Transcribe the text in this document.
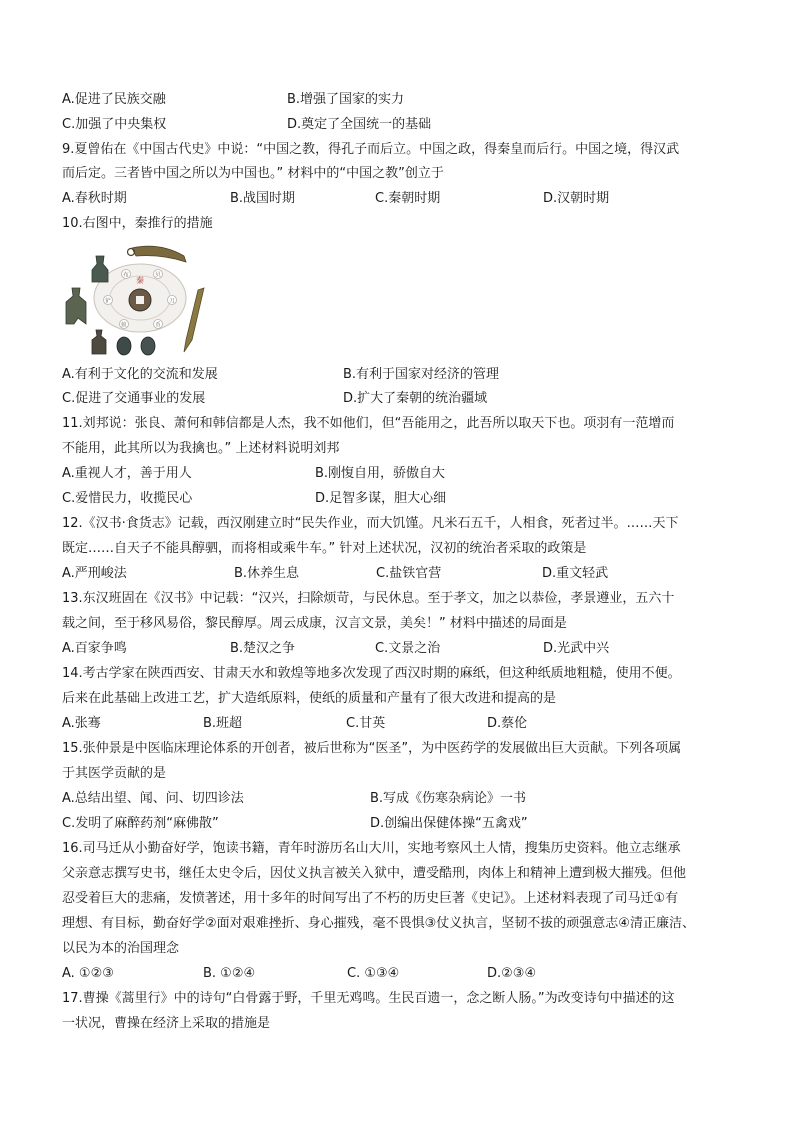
A.促进了民族交融	B.增强了国家的实力
C.加强了中央集权	D.奠定了全国统一的基础
9.夏曾佑在《中国古代史》中说：“中国之教，得孔子而后立。中国之政，得秦皇而后行。中国之境，得汉武
而后定。三者皆中国之所以为中国也。” 材料中的“中国之教”创立于
A.春秋时期	B.战国时期	C.秦朝时期	D.汉朝时期
10.右图中，秦推行的措施
秦
布	贝
刀
币
蚁
铲
A.有利于文化的交流和发展	B.有利于国家对经济的管理
C.促进了交通事业的发展	D.扩大了秦朝的统治疆域
11.刘邦说：张良、萧何和韩信都是人杰，我不如他们，但“吾能用之，此吾所以取天下也。项羽有一范增而
不能用，此其所以为我擒也。” 上述材料说明刘邦
A.重视人才，善于用人	B.刚愎自用，骄傲自大
C.爱惜民力，收揽民心	D.足智多谋，胆大心细
12.《汉书·食货志》记载，西汉刚建立时“民失作业，而大饥馑。凡米石五千，人相食，死者过半。……天下
既定……自天子不能具醇驷，而将相或乘牛车。” 针对上述状况，汉初的统治者采取的政策是
A.严刑峻法	B.休养生息	C.盐铁官营	D.重文轻武
13.东汉班固在《汉书》中记载：“汉兴，扫除烦苛，与民休息。至于孝文，加之以恭俭，孝景遵业，五六十
载之间，至于移风易俗，黎民醇厚。周云成康，汉言文景，美矣！” 材料中描述的局面是
A.百家争鸣	B.楚汉之争	C.文景之治	D.光武中兴
14.考古学家在陕西西安、甘肃天水和敦煌等地多次发现了西汉时期的麻纸，但这种纸质地粗糙，使用不便。
后来在此基础上改进工艺，扩大造纸原料，使纸的质量和产量有了很大改进和提高的是
A.张骞	B.班超	C.甘英	D.蔡伦
15.张仲景是中医临床理论体系的开创者，被后世称为“医圣”，为中医药学的发展做出巨大贡献。下列各项属
于其医学贡献的是
A.总结出望、闻、问、切四诊法	B.写成《伤寒杂病论》一书
C.发明了麻醉药剂“麻佛散”	D.创编出保健体操“五禽戏”
16.司马迁从小勤奋好学，饱读书籍，青年时游历名山大川，实地考察风土人情，搜集历史资料。他立志继承
父亲意志撰写史书，继任太史令后，因仗义执言被关入狱中，遭受酷刑，肉体上和精神上遭到极大摧残。但他
忍受着巨大的悲痛，发愤著述，用十多年的时间写出了不朽的历史巨著《史记》。上述材料表现了司马迁①有
理想、有目标，勤奋好学②面对艰难挫折、身心摧残，毫不畏惧③仗义执言，坚韧不拔的顽强意志④清正廉洁、
以民为本的治国理念
A. ①②③	B. ①②④	C. ①③④	D.②③④
17.曹操《蒿里行》中的诗句“白骨露于野，千里无鸡鸣。生民百遗一，念之断人肠。”为改变诗句中描述的这
一状况，曹操在经济上采取的措施是
